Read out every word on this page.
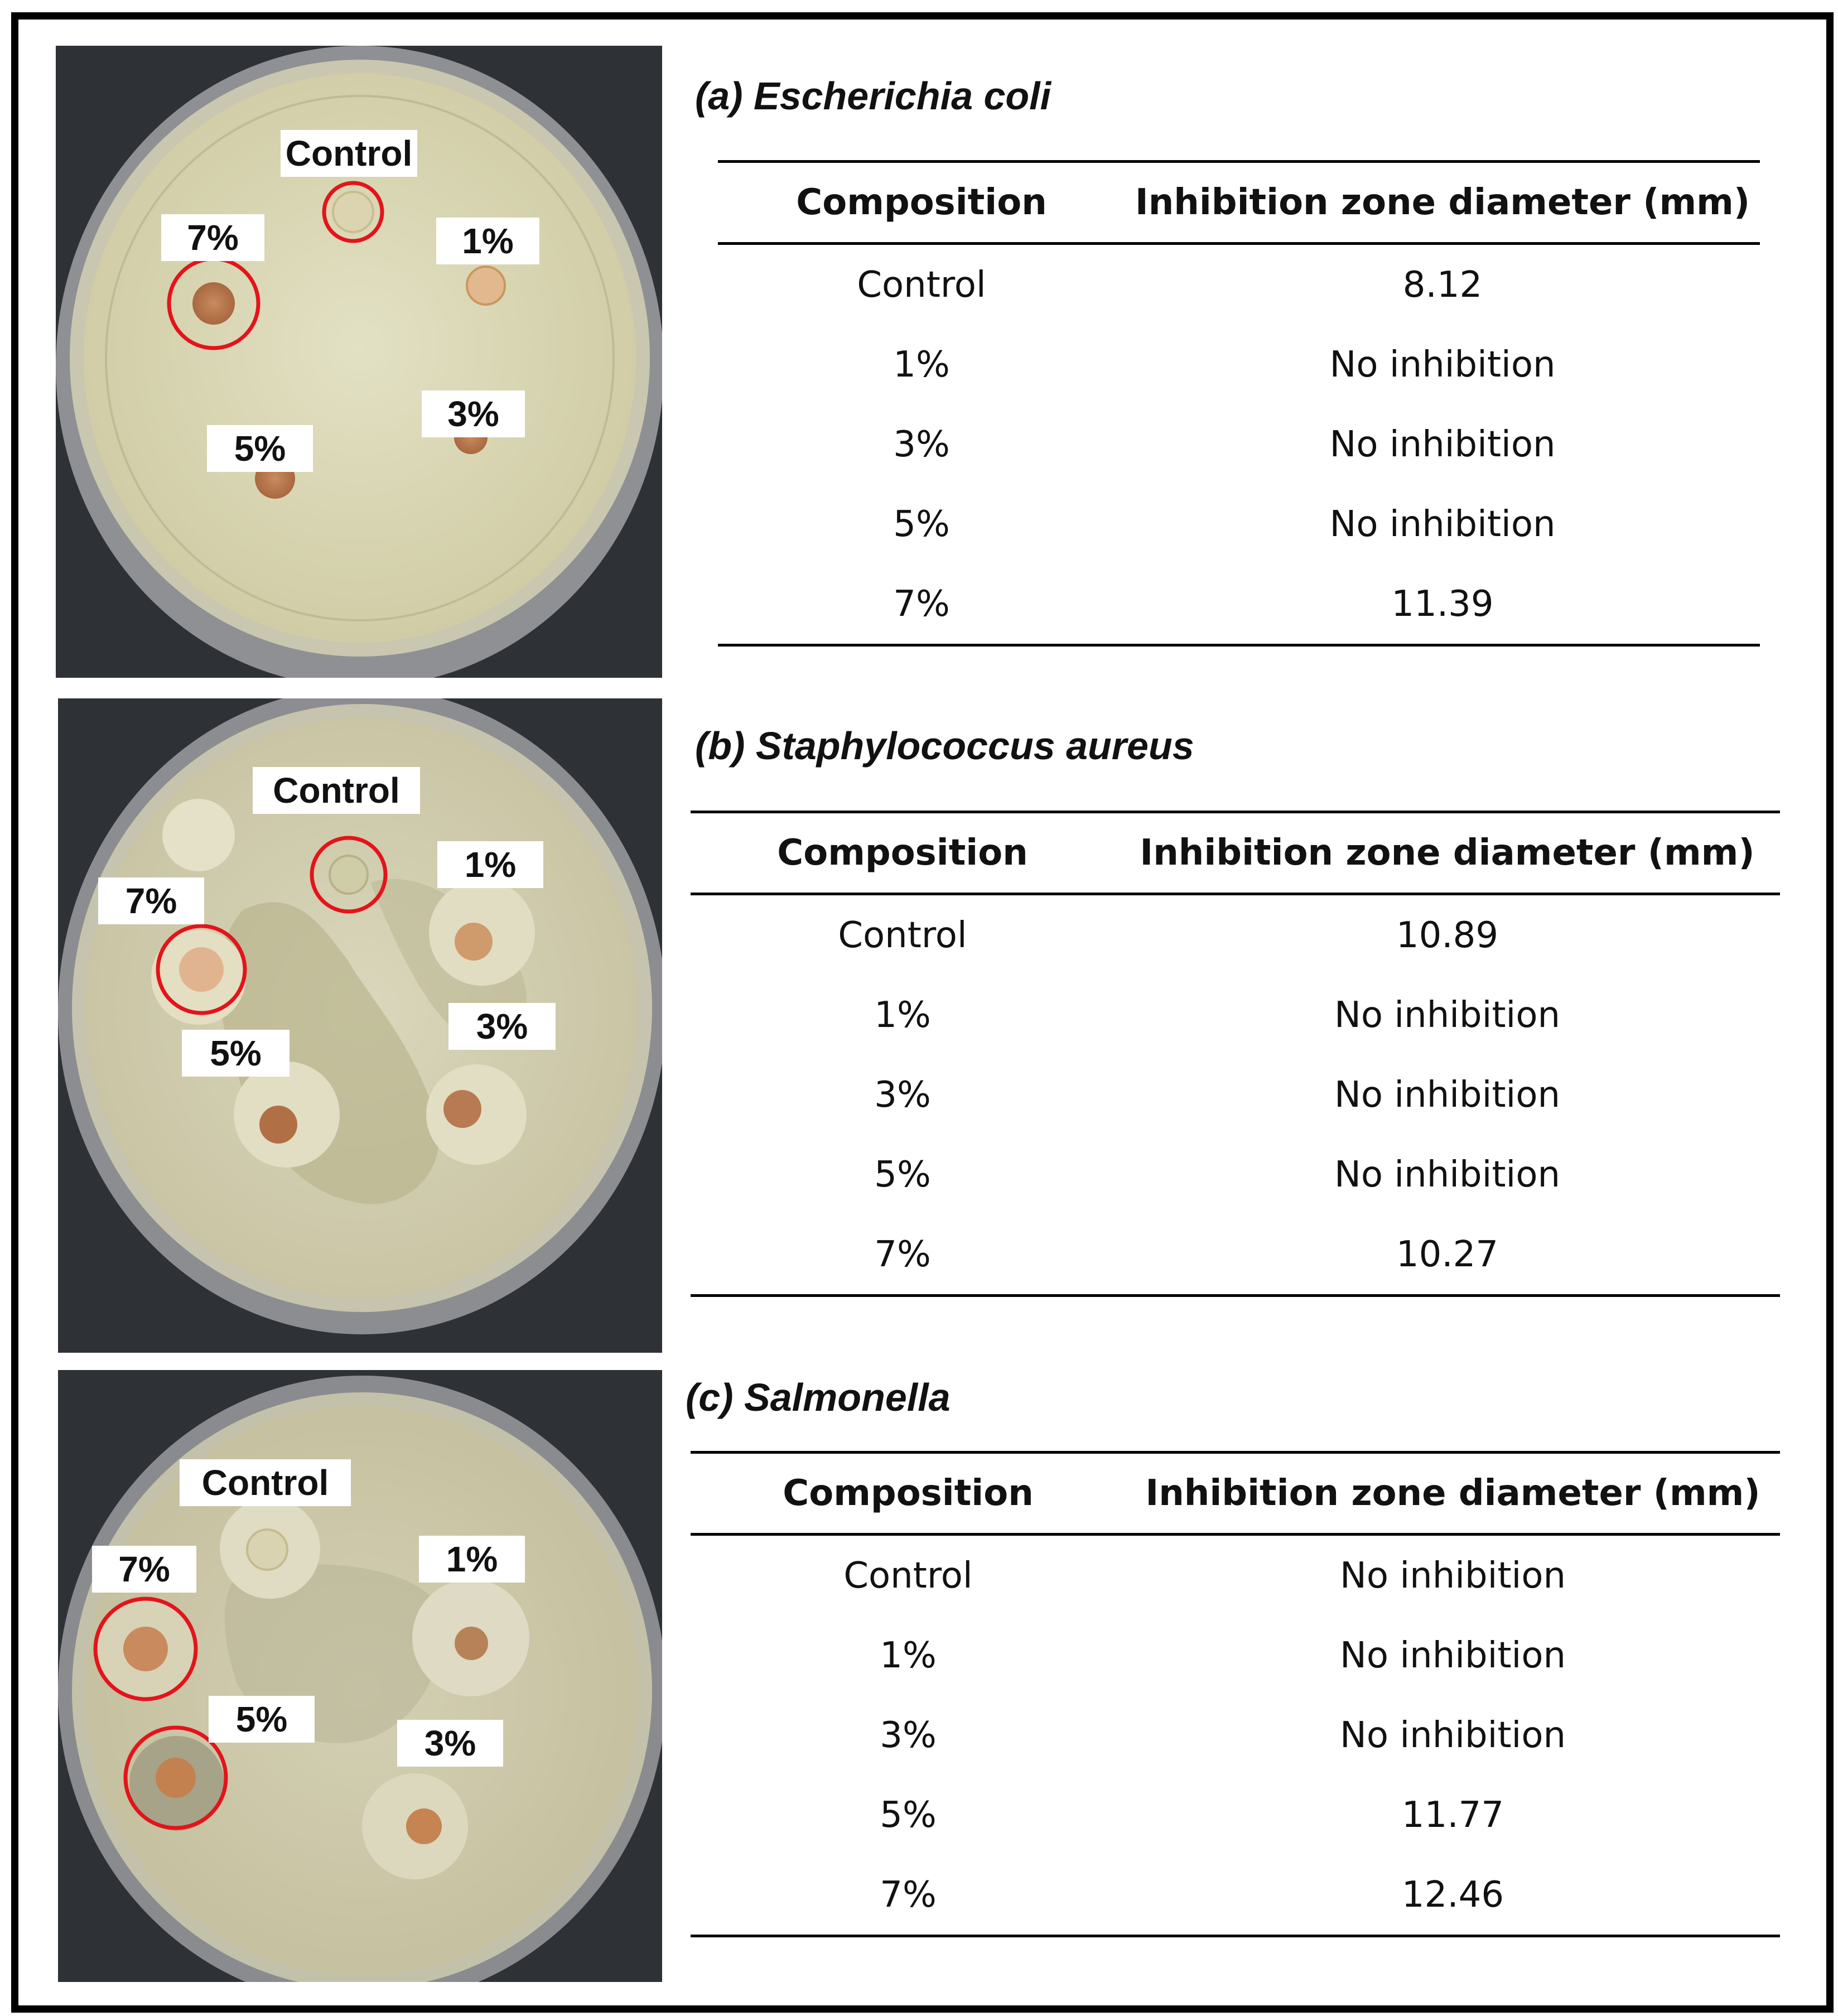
Control
7%	1%
3%
5%
(a) Escherichia coli
Composition	Inhibition zone diameter (mm)
Control	8.12
1%	No inhibition
3%	No inhibition
5%	No inhibition
7%	11.39
Control
1%
7%
3%
5%
(b) Staphylococcus aureus
Composition	Inhibition zone diameter (mm)
Control	10.89
1%	No inhibition
3%	No inhibition
5%	No inhibition
7%	10.27
Control
1%
7%
5%
3%
(c) Salmonella
Composition	Inhibition zone diameter (mm)
Control	No inhibition
1%	No inhibition
3%	No inhibition
5%	11.77
7%	12.46
